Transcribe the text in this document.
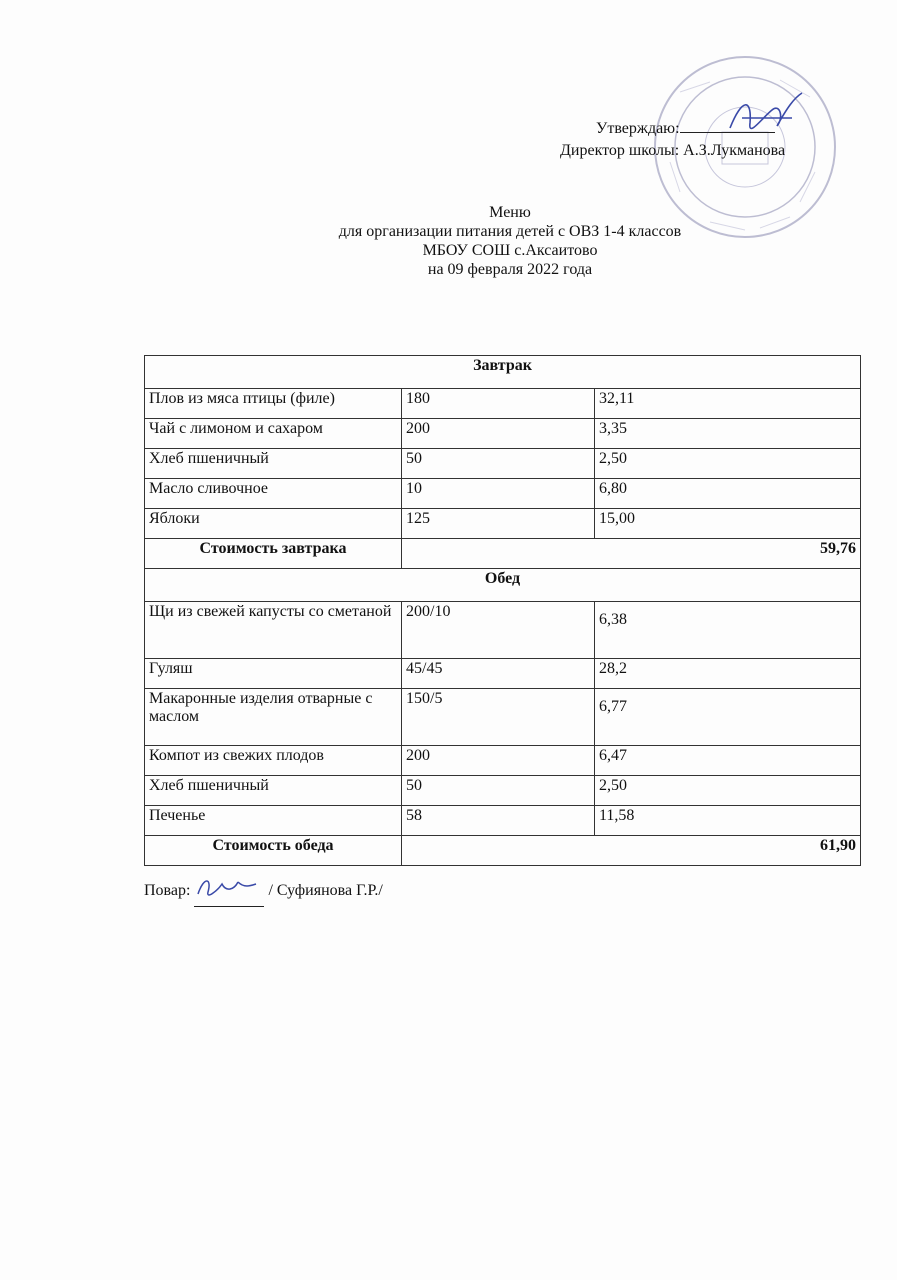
Утверждаю:
Директор школы: А.З.Лукманова
Меню
для организации питания детей с ОВЗ 1-4 классов
МБОУ СОШ с.Аксаитово
на 09 февраля 2022 года
Завтрак		
Плов из мяса птицы (филе)	180	32,11
Чай с лимоном и сахаром	200	3,35
Хлеб пшеничный	50	2,50
Масло сливочное	10	6,80
Яблоки	125	15,00
Стоимость завтрака	59,76	
Обед		
Щи из свежей капусты со сметаной	200/10	6,38
Гуляш	45/45	28,2
Макаронные изделия отварные с маслом	150/5	6,77
Компот из свежих плодов	200	6,47
Хлеб пшеничный	50	2,50
Печенье	58	11,58
Стоимость обеда	61,90	
Повар:	/ Суфиянова Г.Р./
